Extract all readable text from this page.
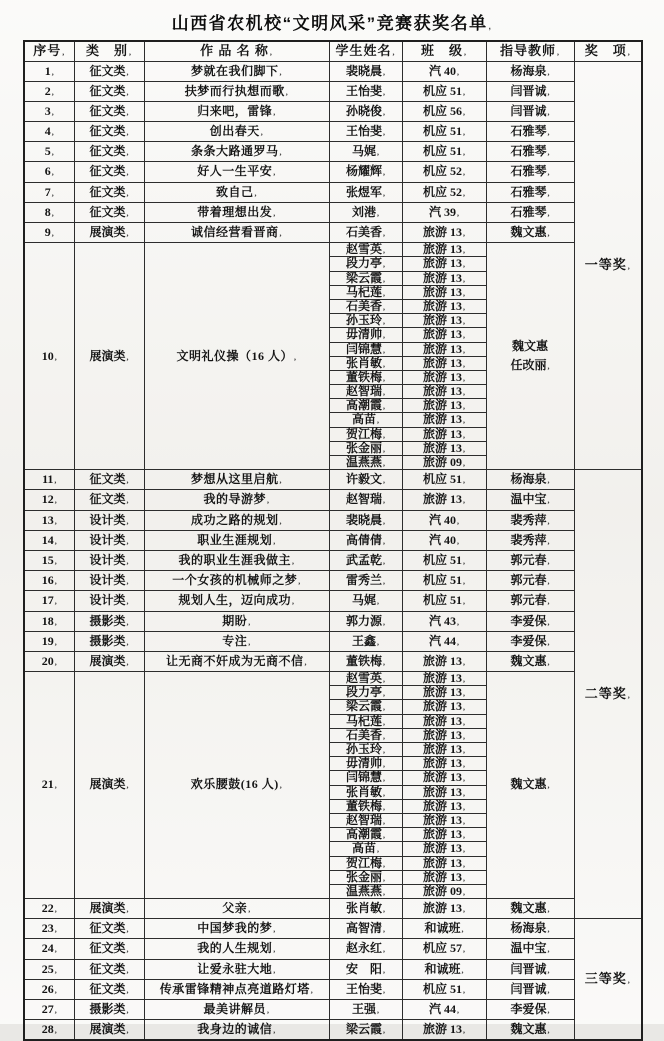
山西省农机校“文明风采”竞赛获奖名单,
序号,	类　别,	作 品 名 称,	学生姓名,	班　级,	指导教师,	奖　项,
1,	征文类,	梦就在我们脚下,	裴晓晨,	汽 40,	杨海泉,	一等奖,
2,	征文类,	扶梦而行执想而歌,	王怡斐,	机应 51,	闫晋诚,	

3,	征文类,	归来吧，雷锋,	孙晓俊,	机应 56,	闫晋诚,	

4,	征文类,	创出春天,	王怡斐,	机应 51,	石雅琴,	

5,	征文类,	条条大路通罗马,	马娓,	机应 51,	石雅琴,	

6,	征文类,	好人一生平安,	杨耀辉,	机应 52,	石雅琴,	

7,	征文类,	致自己,	张煜军,	机应 52,	石雅琴,	

8,	征文类,	带着理想出发,	刘港,	汽 39,	石雅琴,	

9,	展演类,	诚信经营看晋商,	石美香,	旅游 13,	魏文惠,	

10,	展演类,	文明礼仪操（16 人）,	赵雪英,	旅游 13,	魏文惠
任改丽,	

			段力亭,	旅游 13,		
			梁云霞,	旅游 13,		
			马杞莲,	旅游 13,		
			石美香,	旅游 13,		
			孙玉玲,	旅游 13,		
			毋清帅,	旅游 13,		
			闫锦慧,	旅游 13,		
			张肖敏,	旅游 13,		
			董铁梅,	旅游 13,		
			赵智瑞,	旅游 13,		
			高潮霞,	旅游 13,		
			高苗,	旅游 13,		
			贺江梅,	旅游 13,		
			张金丽,	旅游 13,		
			温燕燕,	旅游 09,		
11,	征文类,	梦想从这里启航,	许毅文,	机应 51,	杨海泉,	二等奖,
12,	征文类,	我的导游梦,	赵智瑞,	旅游 13,	温中宝,	

13,	设计类,	成功之路的规划,	裴晓晨,	汽 40,	裴秀萍,	

14,	设计类,	职业生涯规划,	高倩倩,	汽 40,	裴秀萍,	

15,	设计类,	我的职业生涯我做主,	武孟乾,	机应 51,	郭元春,	

16,	设计类,	一个女孩的机械师之梦,	雷秀兰,	机应 51,	郭元春,	

17,	设计类,	规划人生，迈向成功,	马娓,	机应 51,	郭元春,	

18,	摄影类,	期盼,	郭力源,	汽 43,	李爱保,	

19,	摄影类,	专注,	王鑫,	汽 44,	李爱保,	

20,	展演类,	让无商不奸成为无商不信,	董铁梅,	旅游 13,	魏文惠,	

21,	展演类,	欢乐腰鼓(16 人),	赵雪英,	旅游 13,	魏文惠,	

			段力亭,	旅游 13,		
			梁云霞,	旅游 13,		
			马杞莲,	旅游 13,		
			石美香,	旅游 13,		
			孙玉玲,	旅游 13,		
			毋清帅,	旅游 13,		
			闫锦慧,	旅游 13,		
			张肖敏,	旅游 13,		
			董铁梅,	旅游 13,		
			赵智瑞,	旅游 13,		
			高潮霞,	旅游 13,		
			高苗,	旅游 13,		
			贺江梅,	旅游 13,		
			张金丽,	旅游 13,		
			温燕燕,	旅游 09,		
22,	展演类,	父亲,	张肖敏,	旅游 13,	魏文惠,	

23,	征文类,	中国梦我的梦,	高智清,	和诚班,	杨海泉,	三等奖,
24,	征文类,	我的人生规划,	赵永红,	机应 57,	温中宝,	

25,	征文类,	让爱永驻大地,	安　阳,	和诚班,	闫晋诚,	

26,	征文类,	传承雷锋精神点亮道路灯塔,	王怡斐,	机应 51,	闫晋诚,	

27,	摄影类,	最美讲解员,	王强,	汽 44,	李爱保,	

28,	展演类,	我身边的诚信,	梁云霞,	旅游 13,	魏文惠,	
